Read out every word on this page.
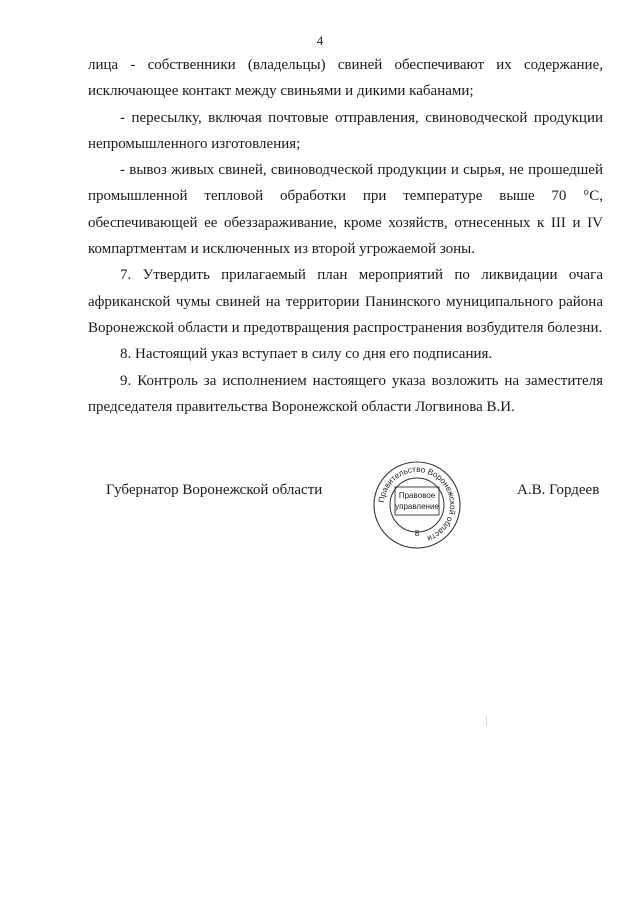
4

лица - собственники (владельцы) свиней обеспечивают их содержание, исключающее контакт между свиньями и дикими кабанами;

- пересылку, включая почтовые отправления, свиноводческой продукции непромышленного изготовления;

- вывоз живых свиней, свиноводческой продукции и сырья, не прошедшей промышленной тепловой обработки при температуре выше 70 °С, обеспечивающей ее обеззараживание, кроме хозяйств, отнесенных к III и IV компартментам и исключенных из второй угрожаемой зоны.

7. Утвердить прилагаемый план мероприятий по ликвидации очага африканской чумы свиней на территории Панинского муниципального района Воронежской области и предотвращения распространения возбудителя болезни.

8. Настоящий указ вступает в силу со дня его подписания.

9. Контроль за исполнением настоящего указа возложить на заместителя председателя правительства Воронежской области Логвинова В.И.

Губернатор Воронежской области
Правительство Воронежской области
Правовое
управление
8
А.В. Гордеев
